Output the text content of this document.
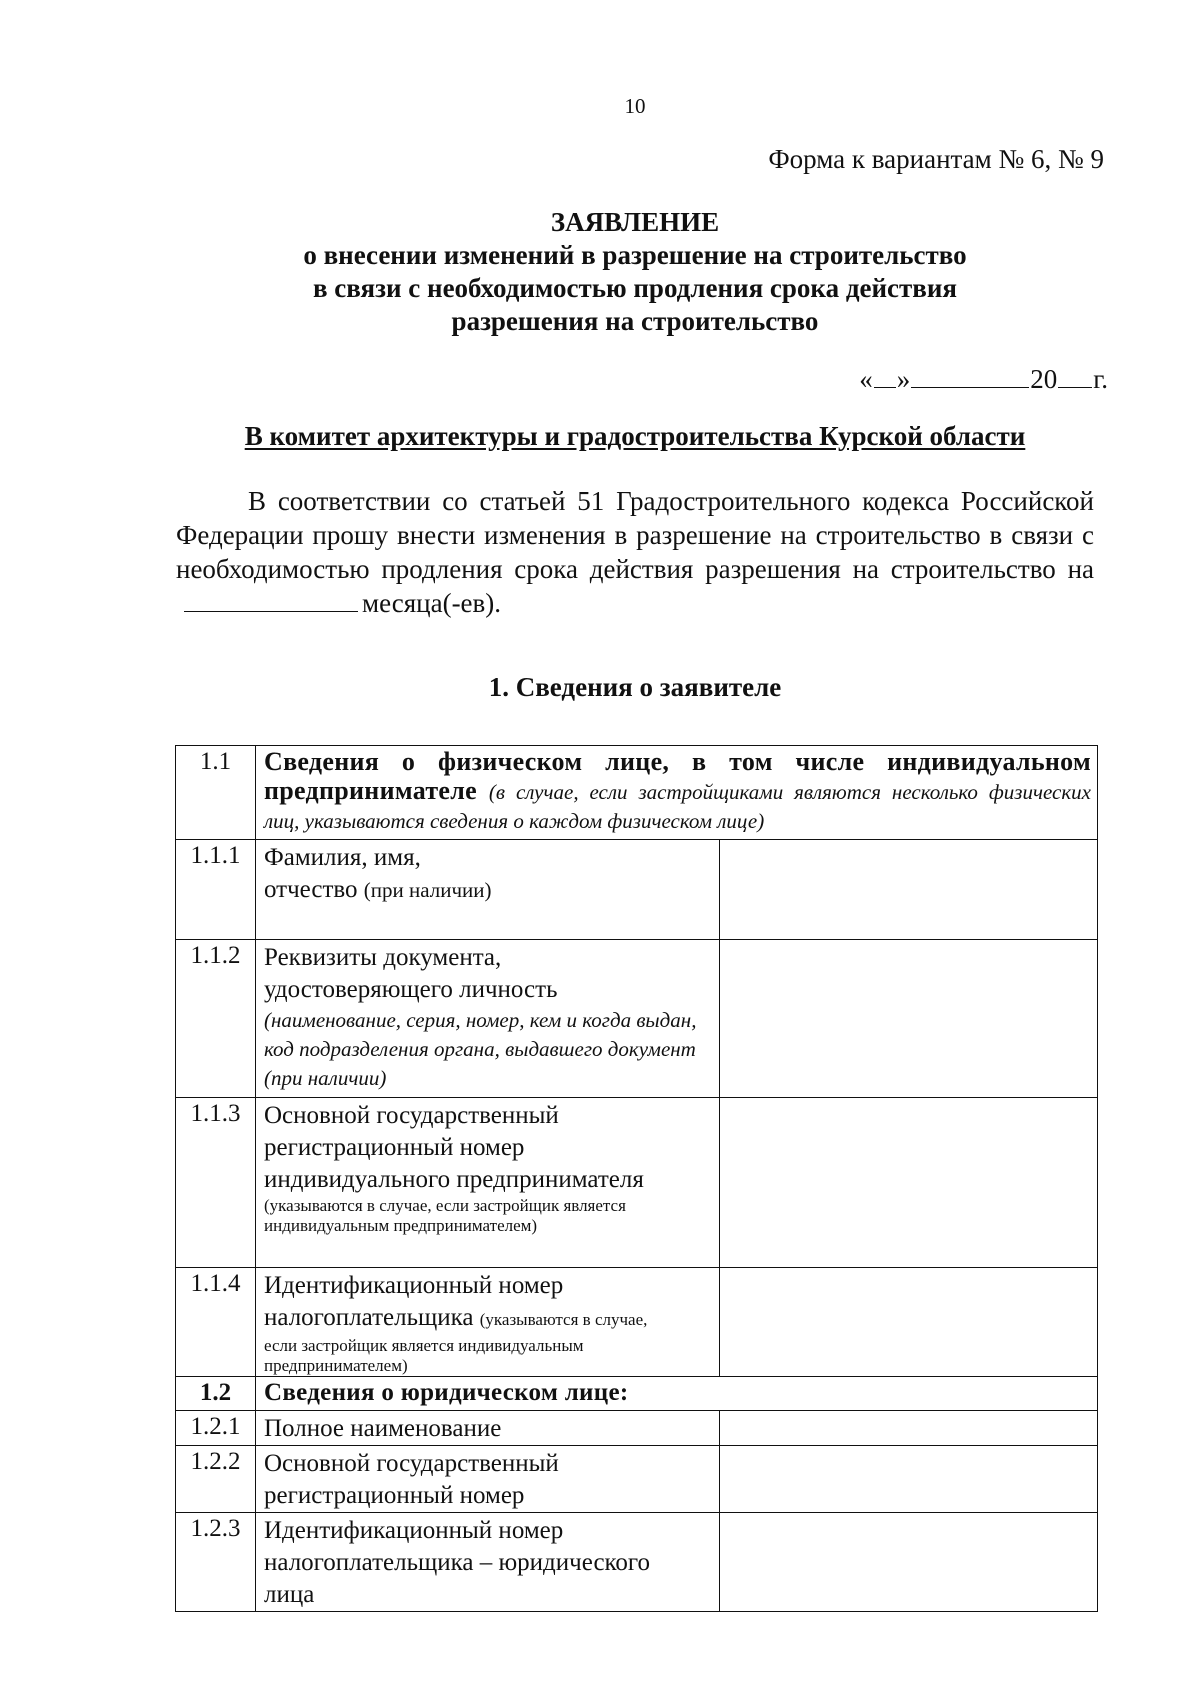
10
Форма к вариантам № 6, № 9
ЗАЯВЛЕНИЕ
о внесении изменений в разрешение на строительство
в связи с необходимостью продления срока действия
разрешения на строительство
« »	20 г.
В комитет архитектуры и градостроительства Курской области

В соответствии со статьей 51 Градостроительного кодекса Российской Федерации прошу внести изменения в разрешение на строительство в связи с необходимостью продления срока действия разрешения на строительство намесяца(-ев).

1. Сведения о заявителе
1.1	Сведения о физическом лице, в том числе индивидуальном предпринимателе (в случае, если застройщиками являются несколько физических лиц, указываются сведения о каждом физическом лице)	
1.1.1	Фамилия, имя,
отчество (при наличии)	

1.1.2	Реквизиты документа,
удостоверяющего личность
(наименование, серия, номер, кем и когда выдан, код подразделения органа, выдавшего документ (при наличии)	

1.1.3	Основной государственный
регистрационный номер
индивидуального предпринимателя
(указываются в случае, если застройщик является индивидуальным предпринимателем)	

1.1.4	Идентификационный номер
налогоплательщика (указываются в случае,
если застройщик является индивидуальным предпринимателем)	

1.2	Сведения о юридическом лице:	
1.2.1	Полное наименование	
1.2.2	Основной государственный
регистрационный номер	

1.2.3	Идентификационный номер
налогоплательщика – юридического
лица	
